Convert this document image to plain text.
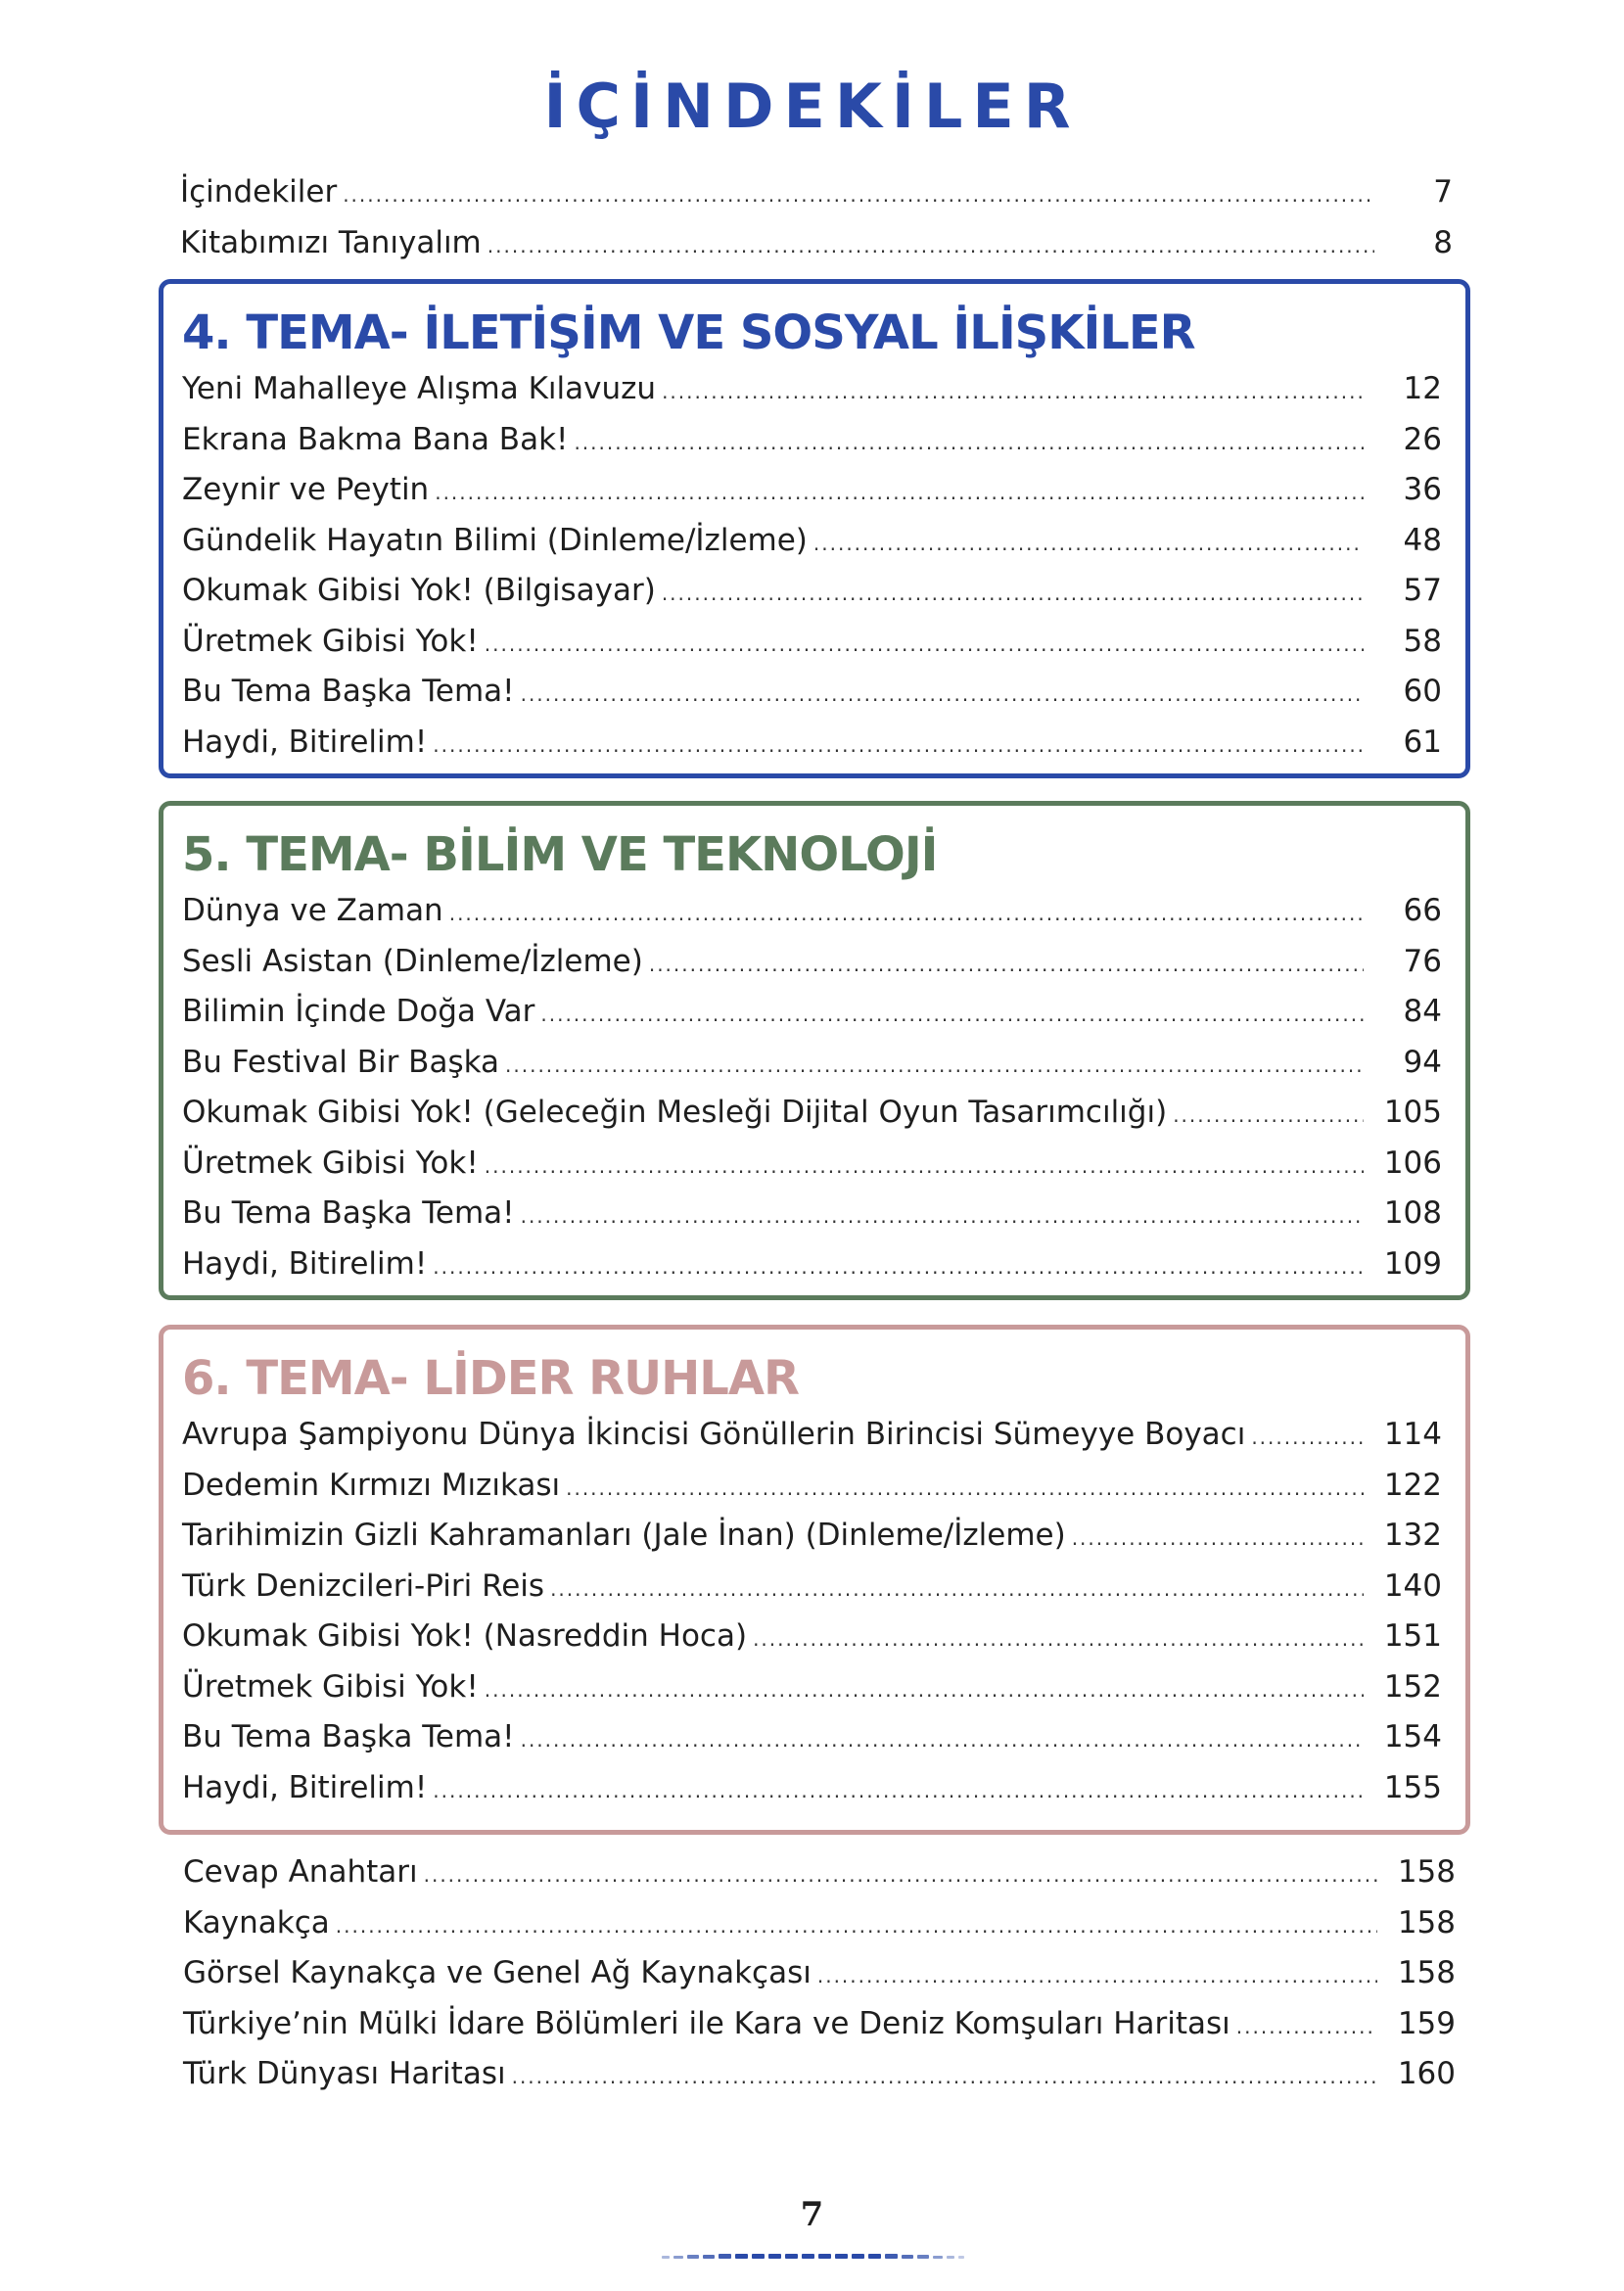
İÇİNDEKİLER
İçindekiler .....	7
Kitabımızı Tanıyalım .....	8
4. TEMA- İLETİŞİM VE SOSYAL İLİŞKİLER
Yeni Mahalleye Alışma Kılavuzu .....	12
Ekrana Bakma Bana Bak! .....	26
Zeynir ve Peytin .....	36
Gündelik Hayatın Bilimi (Dinleme/İzleme) .....	48
Okumak Gibisi Yok! (Bilgisayar) .....	57
Üretmek Gibisi Yok! .....	58
Bu Tema Başka Tema! .....	60
Haydi, Bitirelim! .....	61
5. TEMA- BİLİM VE TEKNOLOJİ
Dünya ve Zaman .....	66
Sesli Asistan (Dinleme/İzleme) .....	76
Bilimin İçinde Doğa Var .....	84
Bu Festival Bir Başka .....	94
Okumak Gibisi Yok! (Geleceğin Mesleği Dijital Oyun Tasarımcılığı) .....	105
Üretmek Gibisi Yok! .....	106
Bu Tema Başka Tema! .....	108
Haydi, Bitirelim! .....	109
6. TEMA- LİDER RUHLAR
Avrupa Şampiyonu Dünya İkincisi Gönüllerin Birincisi Sümeyye Boyacı .....	114
Dedemin Kırmızı Mızıkası .....	122
Tarihimizin Gizli Kahramanları (Jale İnan) (Dinleme/İzleme) .....	132
Türk Denizcileri-Piri Reis .....	140
Okumak Gibisi Yok! (Nasreddin Hoca) .....	151
Üretmek Gibisi Yok! .....	152
Bu Tema Başka Tema! .....	154
Haydi, Bitirelim! .....	155
Cevap Anahtarı .....	158
Kaynakça .....	158
Görsel Kaynakça ve Genel Ağ Kaynakçası .....	158
Türkiye’nin Mülki İdare Bölümleri ile Kara ve Deniz Komşuları Haritası .....	159
Türk Dünyası Haritası .....	160
7
